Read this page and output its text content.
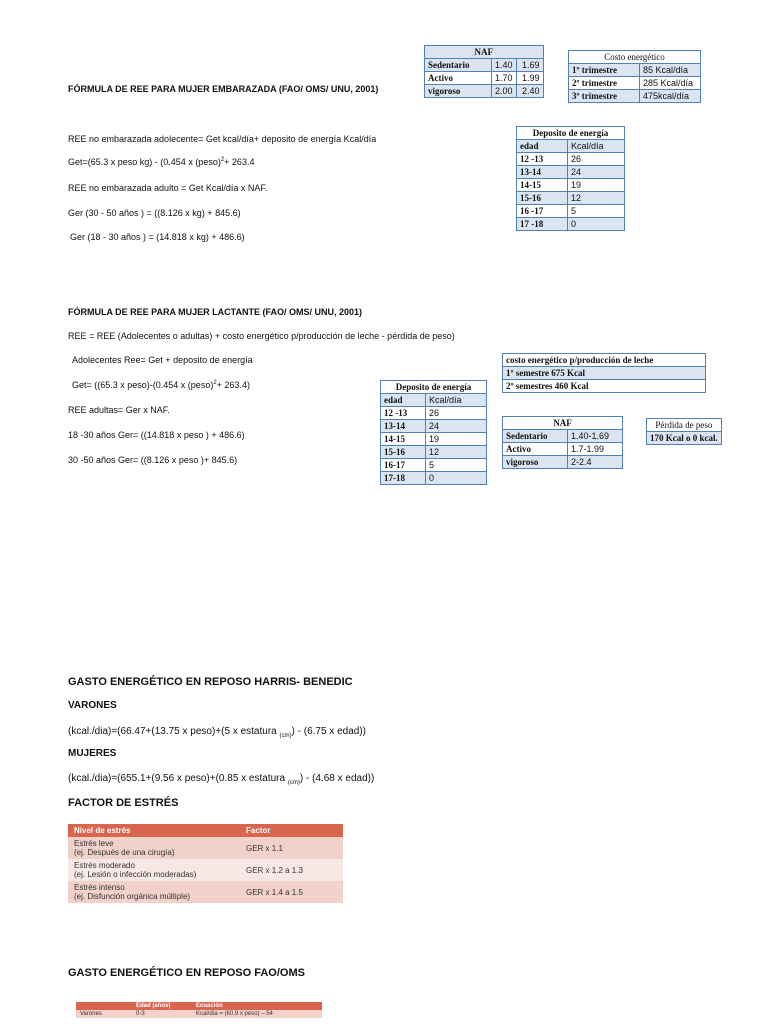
FÓRMULA DE REE PARA MUJER EMBARAZADA (FAO/ OMS/ UNU, 2001)
REE no embarazada adolecente= Get kcal/día+ deposito de energía Kcal/día
Get=(65.3 x peso kg) - (0.454 x (peso)$^2$+ 263.4
REE no embarazada adulto = Get Kcal/día x NAF.
Ger (30 - 50 años ) = ((8.126 x kg) + 845.6)
Ger (18 - 30 años ) = (14.818 x kg) + 486.6)
NAF		
Sedentario	1.40	1.69
Activo	1.70	1.99
vigoroso	2.00	2.40
Costo energético	
1º trimestre	85 Kcal/día
2º trimestre	285 Kcal/día
3º trimestre	475kcal/día
Deposito de energía	
edad	Kcal/día
12 -13	26
13-14	24
14-15	19
15-16	12
16 -17	5
17 -18	0
FÓRMULA DE REE PARA MUJER LACTANTE (FAO/ OMS/ UNU, 2001)
REE = REE (Adolecentes o adultas) + costo energético p/producción de leche - pérdida de peso)
Adolecentes Ree= Get + deposito de energía
Get= ((65.3 x peso)-(0.454 x (peso)$^2$+ 263.4)
REE adultas= Ger x NAF.
18 -30 años Ger= ((14.818 x peso ) + 486.6)
30 -50 años Ger= ((8.126 x peso )+ 845.6)
costo energético p/producción de leche
1º semestre 675 Kcal
2º semestres 460 Kcal
Deposito de energía	
edad	Kcal/día
12 -13	26
13-14	24
14-15	19
15-16	12
16-17	5
17-18	0
NAF	
Sedentario	1.40-1.69
Activo	1.7-1.99
vigoroso	2-2.4
Pérdida de peso
170 Kcal o 0 kcal.
GASTO ENERGÉTICO EN REPOSO HARRIS- BENEDIC
VARONES
(kcal./dia)=(66.47+(13.75 x peso)+(5 x estatura $_{(cm)}$) - (6.75 x edad))
MUJERES
(kcal./dia)=(655.1+(9.56 x peso)+(0.85 x estatura $_{(cm)}$) - (4.68 x edad))
FACTOR DE ESTRÉS
Nivel de estrés	Factor

Estrés leve
(ej. Después de una cirugía)	GER x 1.1

Estrés moderado
(ej. Lesión o infección moderadas)	GER x 1.2 a 1.3

Estrés intenso
(ej. Disfunción orgánica múltiple)	GER x 1.4 a 1.5
GASTO ENERGÉTICO EN REPOSO FAO/OMS
	Edad (años)	Ecuación
Varones	0-3	Kcal/día = (60.9 x peso) – 54
